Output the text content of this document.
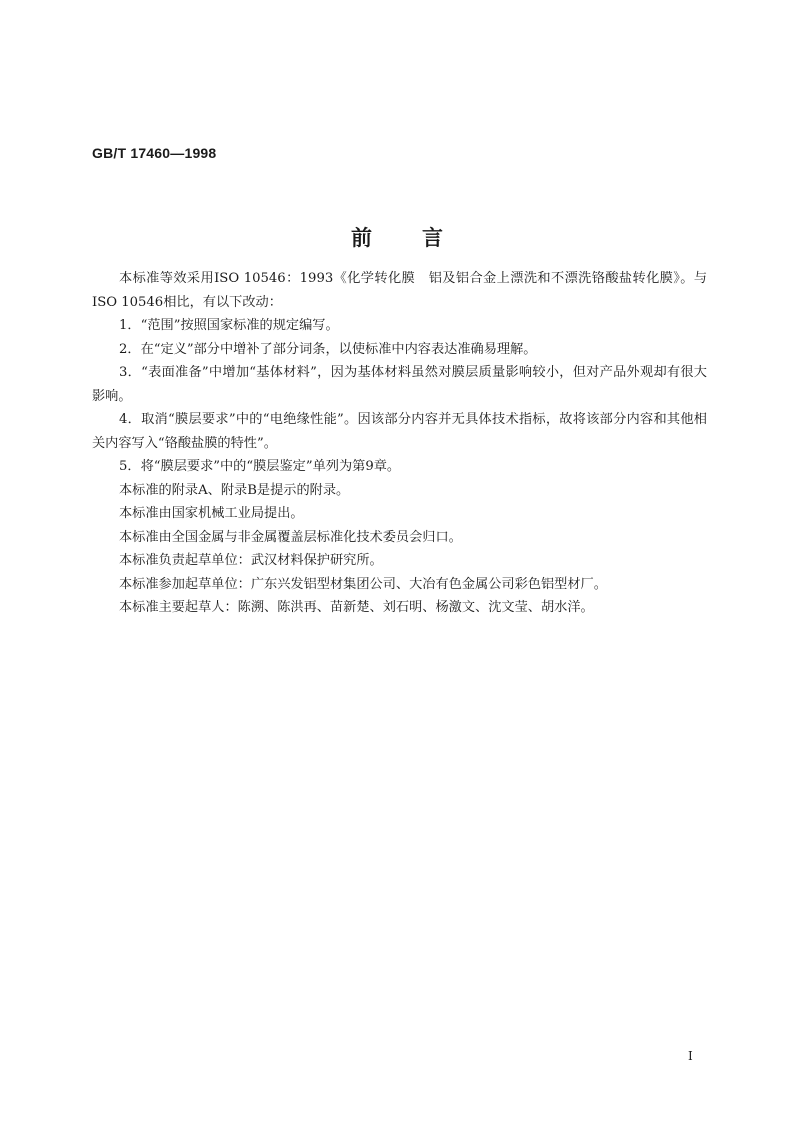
GB/T 17460—1998
前 言

本标准等效采用ISO 10546：1993《化学转化膜　铝及铝合金上漂洗和不漂洗铬酸盐转化膜》。与ISO 10546相比，有以下改动：

1．“范围”按照国家标准的规定编写。

2．在“定义”部分中增补了部分词条，以使标准中内容表达准确易理解。

3．“表面准备”中增加“基体材料”，因为基体材料虽然对膜层质量影响较小，但对产品外观却有很大影响。

4．取消“膜层要求”中的“电绝缘性能”。因该部分内容并无具体技术指标，故将该部分内容和其他相关内容写入“铬酸盐膜的特性”。

5．将“膜层要求”中的“膜层鉴定”单列为第9章。

本标准的附录A、附录B是提示的附录。

本标准由国家机械工业局提出。

本标准由全国金属与非金属覆盖层标准化技术委员会归口。

本标准负责起草单位：武汉材料保护研究所。

本标准参加起草单位：广东兴发铝型材集团公司、大冶有色金属公司彩色铝型材厂。

本标准主要起草人：陈溯、陈洪再、苗新楚、刘石明、杨激文、沈文莹、胡水洋。

I
